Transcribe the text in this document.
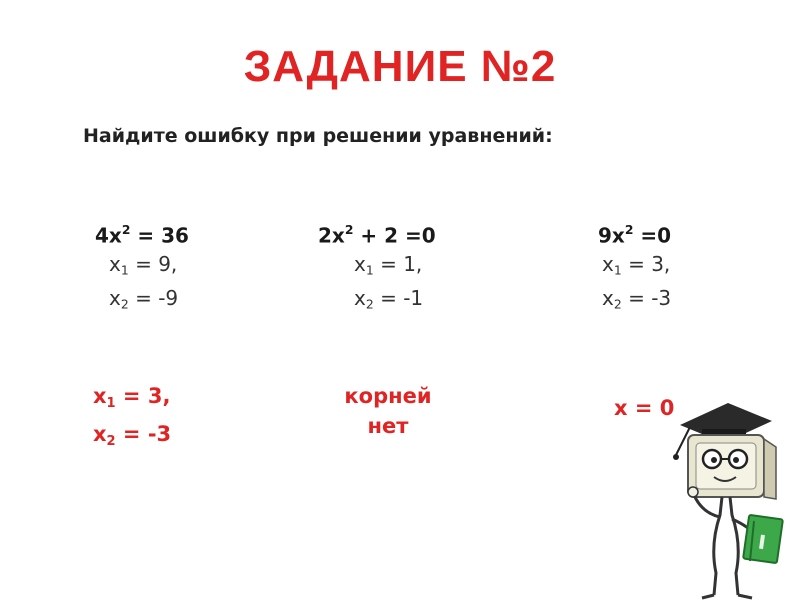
ЗАДАНИЕ №2
Найдите ошибку при решении уравнений:
$4x^2 = 36$
$x_1 = 9$,
$x_2 = -9$
$2x^2 + 2 =0$
$x_1 = 1$,
$x_2 = -1$
$9x^2 =0$
$x_1 = 3$,
$x_2 = -3$
$x_1 = 3$,
$x_2 = -3$
корней
нет
x = 0
